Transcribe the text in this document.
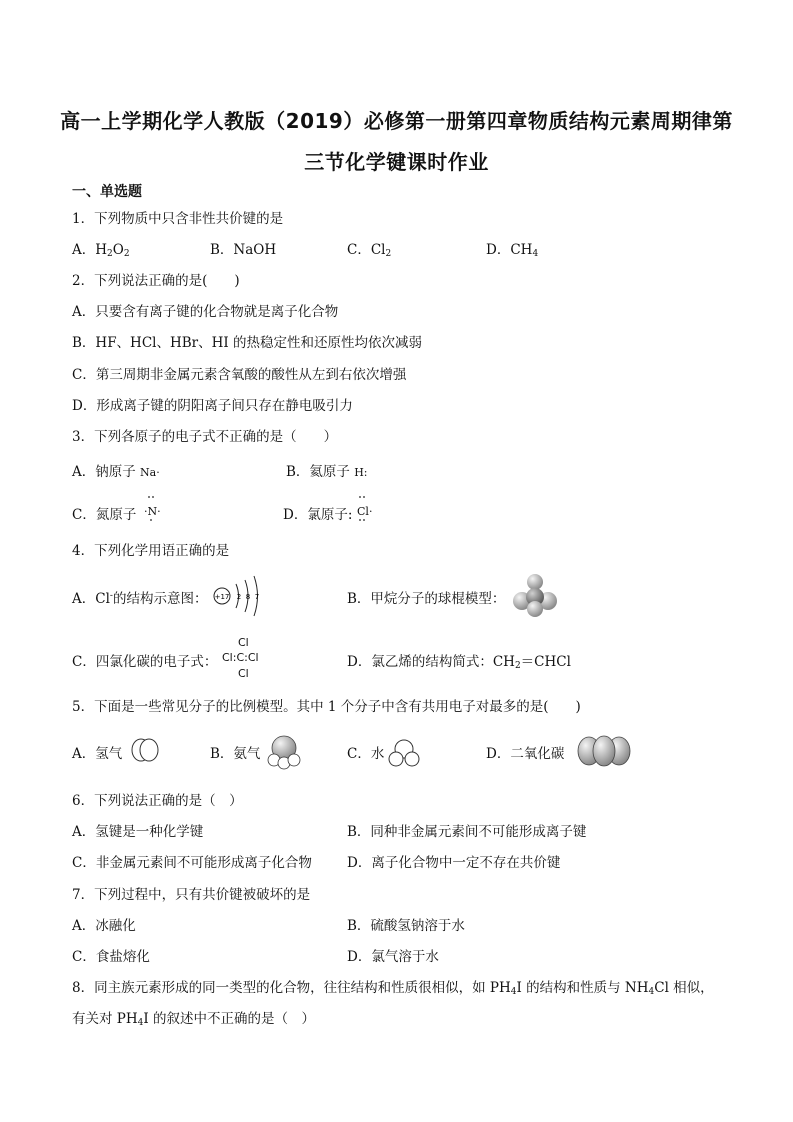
高一上学期化学人教版（2019）必修第一册第四章物质结构元素周期律第
三节化学键课时作业
一、单选题
1．下列物质中只含非性共价键的是
A．$H_2O_2$	B．NaOH	C．$Cl_2$	D．$CH_4$
2．下列说法正确的是(　　)
A．只要含有离子键的化合物就是离子化合物
B．HF、HCl、HBr、HI 的热稳定性和还原性均依次减弱
C．第三周期非金属元素含氧酸的酸性从左到右依次增强
D．形成离子键的阴阳离子间只存在静电吸引力
3．下列各原子的电子式不正确的是（　　）
A．钠原子 Na·	B．氦原子 H:
C．氮原子 ·N·	D．氯原子: Cl·
4．下列化学用语正确的是
A．Cl-的结构示意图： +17 2 8 7	B．甲烷分子的球棍模型：
C．四氯化碳的电子式：
Cl
Cl:C:Cl
Cl
D．氯乙烯的结构简式：$CH_2=CHCl$
5．下面是一些常见分子的比例模型。其中 1 个分子中含有共用电子对最多的是(　　)
A．氢气	B．氨气	C．水	D．二氧化碳
6．下列说法正确的是（　）
A．氢键是一种化学键	B．同种非金属元素间不可能形成离子键
C．非金属元素间不可能形成离子化合物	D．离子化合物中一定不存在共价键
7．下列过程中，只有共价键被破坏的是
A．冰融化	B．硫酸氢钠溶于水
C．食盐熔化	D．氯气溶于水
8．同主族元素形成的同一类型的化合物，往往结构和性质很相似，如 $PH_4I$ 的结构和性质与 $NH_4Cl$ 相似，
有关对 $PH_4I$ 的叙述中不正确的是（　）
